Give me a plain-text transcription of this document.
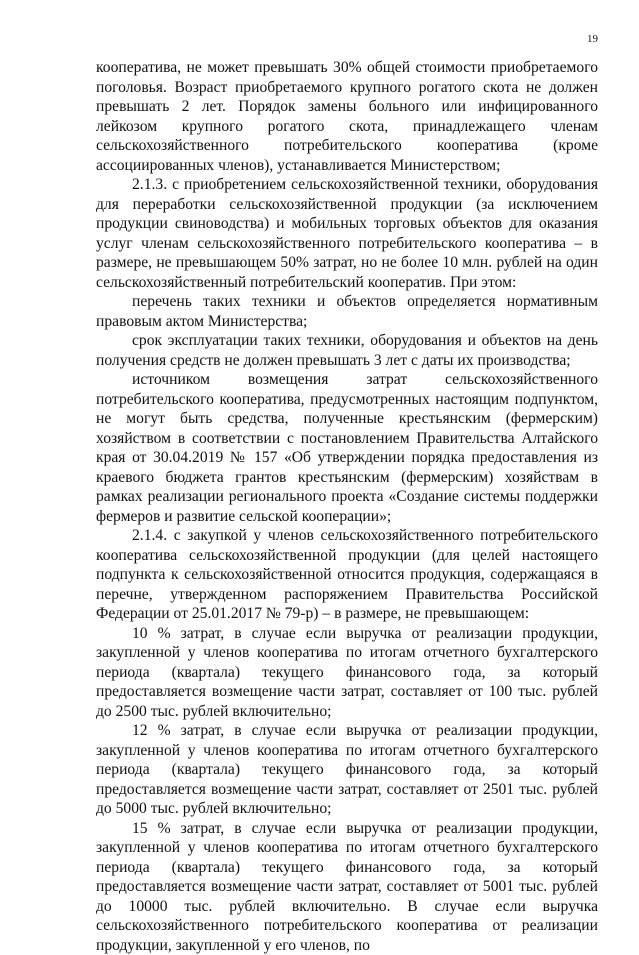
19

кооператива, не может превышать 30% общей стоимости приобретаемого поголовья. Возраст приобретаемого крупного рогатого скота не должен превышать 2 лет. Порядок замены больного или инфицированного лейкозом крупного рогатого скота, принадлежащего членам сельскохозяйственного потребительского кооператива (кроме ассоциированных членов), устанавливается Министерством;

2.1.3. с приобретением сельскохозяйственной техники, оборудования для переработки сельскохозяйственной продукции (за исключением продукции свиноводства) и мобильных торговых объектов для оказания услуг членам сельскохозяйственного потребительского кооператива – в размере, не превышающем 50% затрат, но не более 10 млн. рублей на один сельскохозяйственный потребительский кооператив. При этом:

перечень таких техники и объектов определяется нормативным правовым актом Министерства;

срок эксплуатации таких техники, оборудования и объектов на день получения средств не должен превышать 3 лет с даты их производства;

источником возмещения затрат сельскохозяйственного потребительского кооператива, предусмотренных настоящим подпунктом, не могут быть средства, полученные крестьянским (фермерским) хозяйством в соответствии с постановлением Правительства Алтайского края от 30.04.2019 № 157 «Об утверждении порядка предоставления из краевого бюджета грантов крестьянским (фермерским) хозяйствам в рамках реализации регионального проекта «Создание системы поддержки фермеров и развитие сельской кооперации»;

2.1.4. с закупкой у членов сельскохозяйственного потребительского кооператива сельскохозяйственной продукции (для целей настоящего подпункта к сельскохозяйственной относится продукция, содержащаяся в перечне, утвержденном распоряжением Правительства Российской Федерации от 25.01.2017 № 79-р) – в размере, не превышающем:

10 % затрат, в случае если выручка от реализации продукции, закупленной у членов кооператива по итогам отчетного бухгалтерского периода (квартала) текущего финансового года, за который предоставляется возмещение части затрат, составляет от 100 тыс. рублей до 2500 тыс. рублей включительно;

12 % затрат, в случае если выручка от реализации продукции, закупленной у членов кооператива по итогам отчетного бухгалтерского периода (квартала) текущего финансового года, за который предоставляется возмещение части затрат, составляет от 2501 тыс. рублей до 5000 тыс. рублей включительно;

15 % затрат, в случае если выручка от реализации продукции, закупленной у членов кооператива по итогам отчетного бухгалтерского периода (квартала) текущего финансового года, за который предоставляется возмещение части затрат, составляет от 5001 тыс. рублей до 10000 тыс. рублей включительно. В случае если выручка сельскохозяйственного потребительского кооператива от реализации продукции, закупленной у его членов, по
